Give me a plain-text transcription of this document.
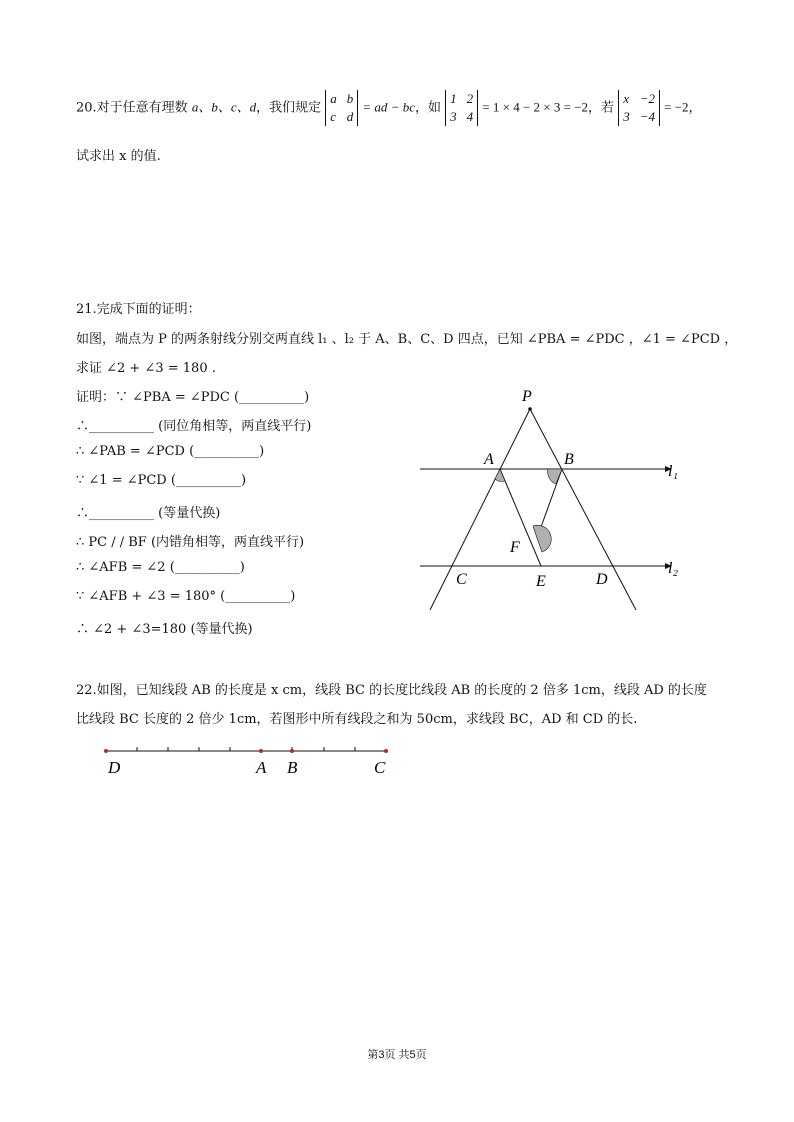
20.对于任意有理数 a、b、c、d，我们规定
a b
c d
= ad − bc，如
1 2
3 4
= 1 × 4 − 2 × 3 = −2，若
x −2
3 −4
= −2，
试求出 x 的值.
21.完成下面的证明：
如图，端点为 P 的两条射线分别交两直线 l₁ 、l₂ 于 A、B、C、D 四点，已知 ∠PBA = ∠PDC ，∠1 = ∠PCD ，
求证 ∠2 + ∠3 = 180 .
证明：∵ ∠PBA = ∠PDC (__________)
∴__________ (同位角相等，两直线平行)
∴ ∠PAB = ∠PCD (__________)
∵ ∠1 = ∠PCD (__________)
∴__________ (等量代换)
∴ PC / / BF (内错角相等，两直线平行)
∴ ∠AFB = ∠2 (__________)
∵ ∠AFB + ∠3 = 180° (__________)
∴ ∠2 + ∠3=180 (等量代换)
P
A	B
F
C	E	D
l₁
l₂
22.如图，已知线段 AB 的长度是 x cm，线段 BC 的长度比线段 AB 的长度的 2 倍多 1cm，线段 AD 的长度
比线段 BC 长度的 2 倍少 1cm，若图形中所有线段之和为 50cm，求线段 BC，AD 和 CD 的长.
D	A B	C
第3页 共5页
